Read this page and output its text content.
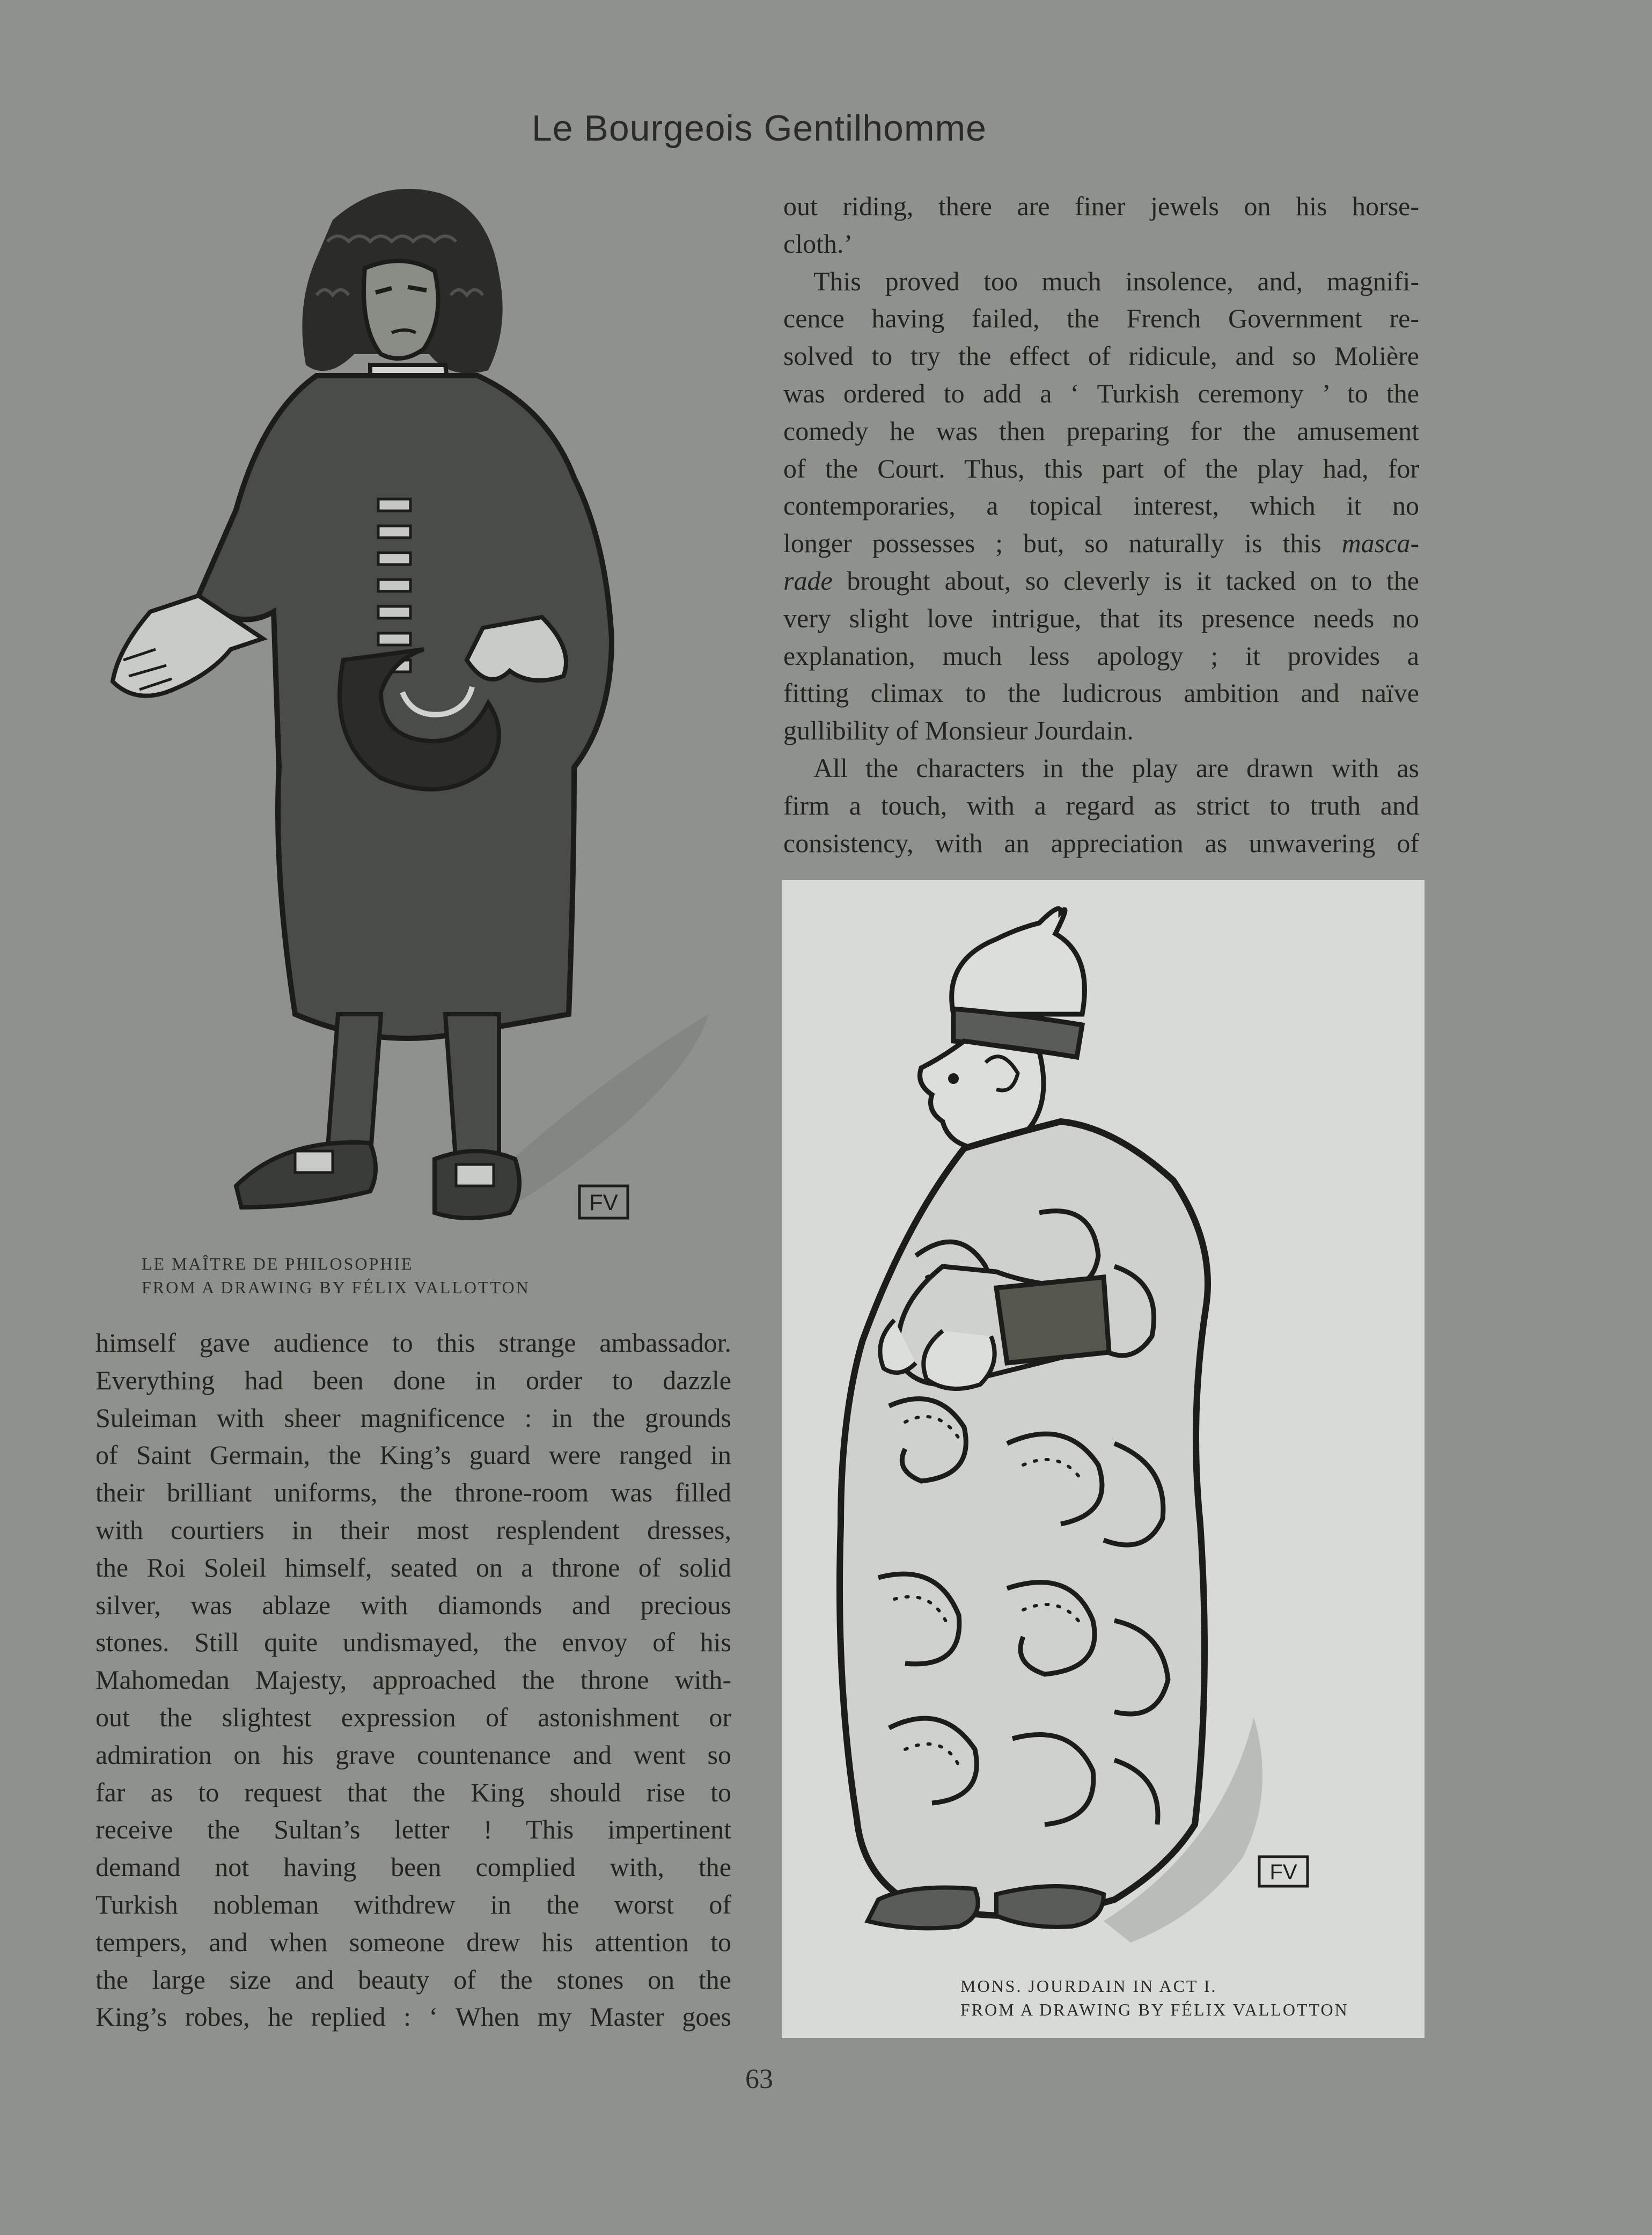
Le Bourgeois Gentilhomme
FV
LE MAÎTRE DE PHILOSOPHIE
FROM A DRAWING BY FÉLIX VALLOTTON
out riding, there are finer jewels on his horse-
cloth.’
This proved too much insolence, and, magnifi-
cence having failed, the French Government re-
solved to try the effect of ridicule, and so Molière
was ordered to add a ‘ Turkish ceremony ’ to the
comedy he was then preparing for the amusement
of the Court. Thus, this part of the play had, for
contemporaries, a topical interest, which it no
longer possesses ; but, so naturally is this masca-
rade brought about, so cleverly is it tacked on to the
very slight love intrigue, that its presence needs no
explanation, much less apology ; it provides a
fitting climax to the ludicrous ambition and naïve
gullibility of Monsieur Jourdain.
All the characters in the play are drawn with as
firm a touch, with a regard as strict to truth and
consistency, with an appreciation as unwavering of
FV
MONS. JOURDAIN IN ACT I.
FROM A DRAWING BY FÉLIX VALLOTTON
himself gave audience to this strange ambassador.
Everything had been done in order to dazzle
Suleiman with sheer magnificence : in the grounds
of Saint Germain, the King’s guard were ranged in
their brilliant uniforms, the throne-room was filled
with courtiers in their most resplendent dresses,
the Roi Soleil himself, seated on a throne of solid
silver, was ablaze with diamonds and precious
stones. Still quite undismayed, the envoy of his
Mahomedan Majesty, approached the throne with-
out the slightest expression of astonishment or
admiration on his grave countenance and went so
far as to request that the King should rise to
receive the Sultan’s letter ! This impertinent
demand not having been complied with, the
Turkish nobleman withdrew in the worst of
tempers, and when someone drew his attention to
the large size and beauty of the stones on the
King’s robes, he replied : ‘ When my Master goes
63
